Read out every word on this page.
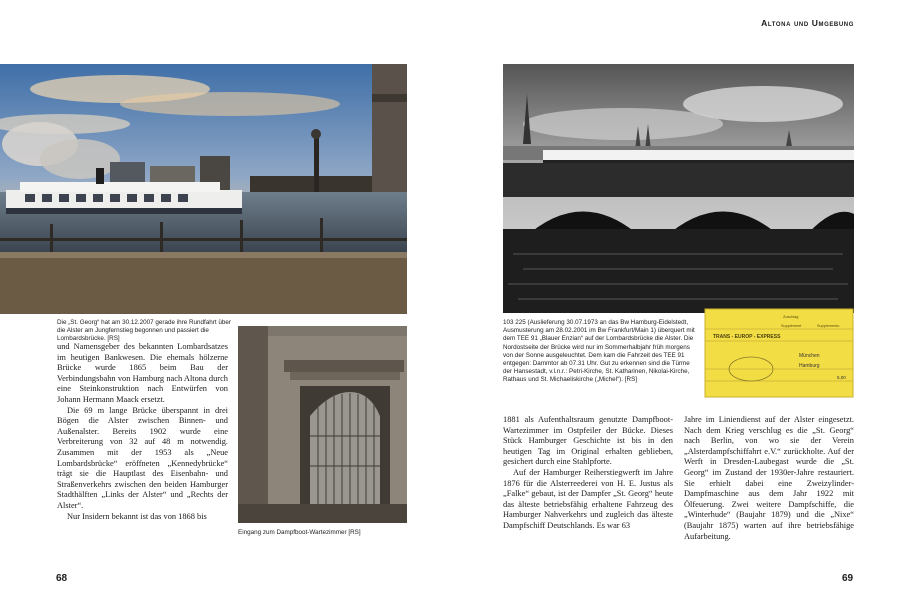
Altona und Umgebung
68	69
Die „St. Georg“ hat am 30.12.2007 gerade ihre Rundfahrt über die Alster am Jungfernstieg begonnen und passiert die Lombardsbrücke. [RS]
Eingang zum Dampfboot-Wartezimmer [RS]

und Namensgeber des bekannten Lombardsatzes im heutigen Bankwesen. Die ehemals hölzerne Brücke wurde 1865 beim Bau der Verbindungsbahn von Hamburg nach Altona durch eine Steinkonstruktion nach Entwürfen von Johann Hermann Maack ersetzt.

Die 69 m lange Brücke überspannt in drei Bögen die Alster zwischen Binnen- und Außenalster. Bereits 1902 wurde eine Verbreiterung von 32 auf 48 m notwendig. Zusammen mit der 1953 als „Neue Lombardsbrücke“ eröffneten „Kennedybrücke“ trägt sie die Hauptlast des Eisenbahn- und Straßenverkehrs zwischen den beiden Hamburger Stadthälften „Links der Alster“ und „Rechts der Alster“.

Nur Insidern bekannt ist das von 1868 bis

103 225 (Auslieferung 30.07.1973 an das Bw Hamburg-Eidelstedt, Ausmusterung am 28.02.2001 im Bw Frankfurt/Main 1) überquert mit dem TEE 91 „Blauer Enzian“ auf der Lombardsbrücke die Alster. Die Nordostseite der Brücke wird nur im Sommerhalbjahr früh morgens von der Sonne ausgeleuchtet. Dem kam die Fahrzeit des TEE 91 entgegen: Dammtor ab 07.31 Uhr. Gut zu erkennen sind die Türme der Hansestadt, v.l.n.r.: Petri-Kirche, St. Katharinen, Nikolai-Kirche, Rathaus und St. Michaeliskirche („Michel“). [RS]
Zuschlag
Supplément	Supplemento
TRANS - EUROP - EXPRESS
München
Hamburg
5,00

1881 als Aufenthaltsraum genutzte Dampfboot-Wartezimmer im Ostpfeiler der Bücke. Dieses Stück Hamburger Geschichte ist bis in den heutigen Tag im Original erhalten geblieben, gesichert durch eine Stahlpforte.

Auf der Hamburger Reiherstiegwerft im Jahre 1876 für die Alsterreederei von H. E. Justus als „Falke“ gebaut, ist der Dampfer „St. Georg“ heute das älteste betriebsfähig erhaltene Fahrzeug des Hamburger Nahverkehrs und zugleich das älteste Dampfschiff Deutschlands. Es war 63

Jahre im Liniendienst auf der Alster eingesetzt. Nach dem Krieg verschlug es die „St. Georg“ nach Berlin, von wo sie der Verein „Alsterdampfschiffahrt e.V.“ zurückholte. Auf der Werft in Dresden-Laubegast wurde die „St. Georg“ im Zustand der 1930er-Jahre restauriert. Sie erhielt dabei eine Zweizylinder-Dampfmaschine aus dem Jahr 1922 mit Ölfeuerung. Zwei weitere Dampfschiffe, die „Winterhude“ (Baujahr 1879) und die „Nixe“ (Baujahr 1875) warten auf ihre betriebsfähige Aufarbeitung.
